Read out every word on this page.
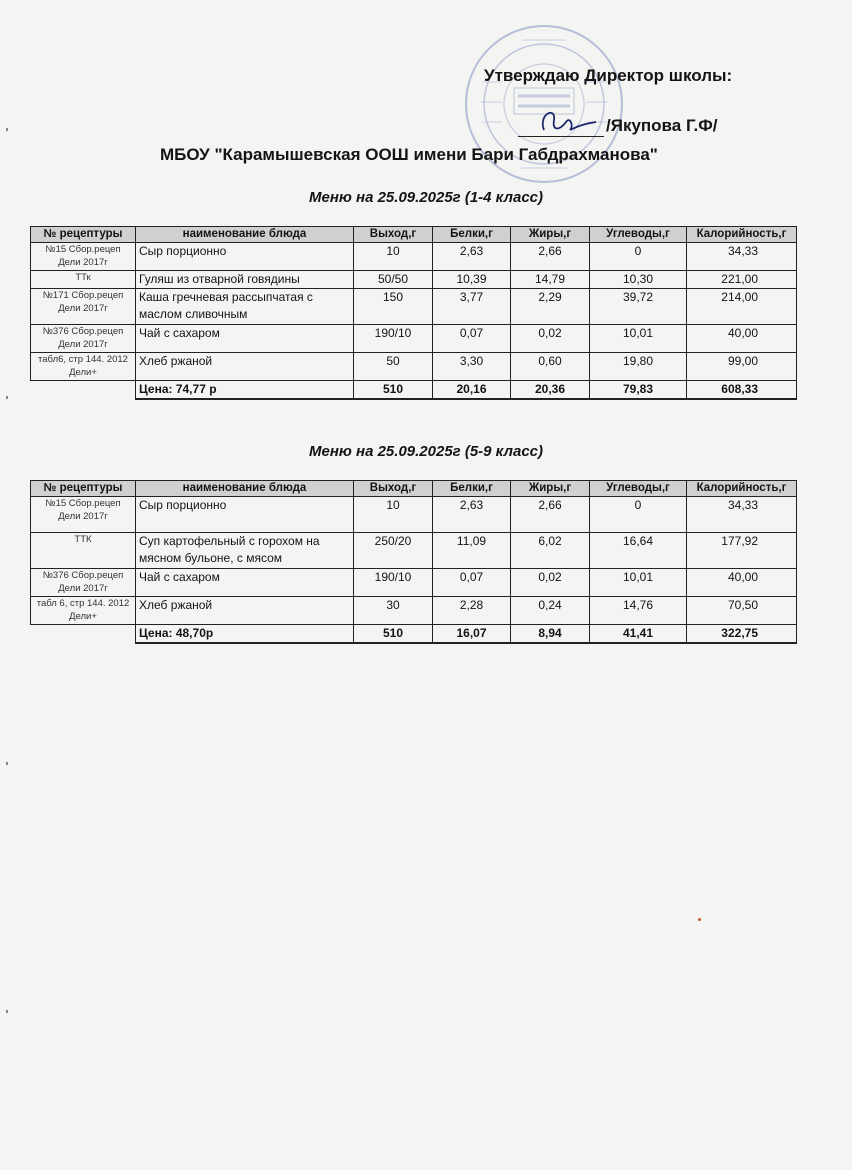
Утверждаю Директор школы:
/Якупова Г.Ф/
МБОУ "Карамышевская ООШ имени Бари Габдрахманова"
Меню на 25.09.2025г (1-4 класс)
№ рецептуры	наименование блюда	Выход,г	Белки,г	Жиры,г	Углеводы,г	Калорийность,г
№15 Сбор.рецеп Дели 2017г	Сыр порционно	10	2,63	2,66	0	34,33
ТТк	Гуляш из отварной говядины	50/50	10,39	14,79	10,30	221,00
№171 Сбор.рецеп Дели 2017г	Каша гречневая рассыпчатая с маслом сливочным	150	3,77	2,29	39,72	214,00
№376 Сбор.рецеп Дели 2017г	Чай с сахаром	190/10	0,07	0,02	10,01	40,00
табл6, стр 144. 2012 Дели+	Хлеб ржаной	50	3,30	0,60	19,80	99,00
	Цена: 74,77 р	510	20,16	20,36	79,83	608,33
Меню на 25.09.2025г (5-9 класс)
№ рецептуры	наименование блюда	Выход,г	Белки,г	Жиры,г	Углеводы,г	Калорийность,г
№15 Сбор.рецеп Дели 2017г	Сыр порционно	10	2,63	2,66	0	34,33
ТТК	Суп картофельный с горохом на мясном бульоне, с мясом	250/20	11,09	6,02	16,64	177,92
№376 Сбор.рецеп Дели 2017г	Чай с сахаром	190/10	0,07	0,02	10,01	40,00
табл 6, стр 144. 2012 Дели+	Хлеб ржаной	30	2,28	0,24	14,76	70,50
	Цена: 48,70р	510	16,07	8,94	41,41	322,75
